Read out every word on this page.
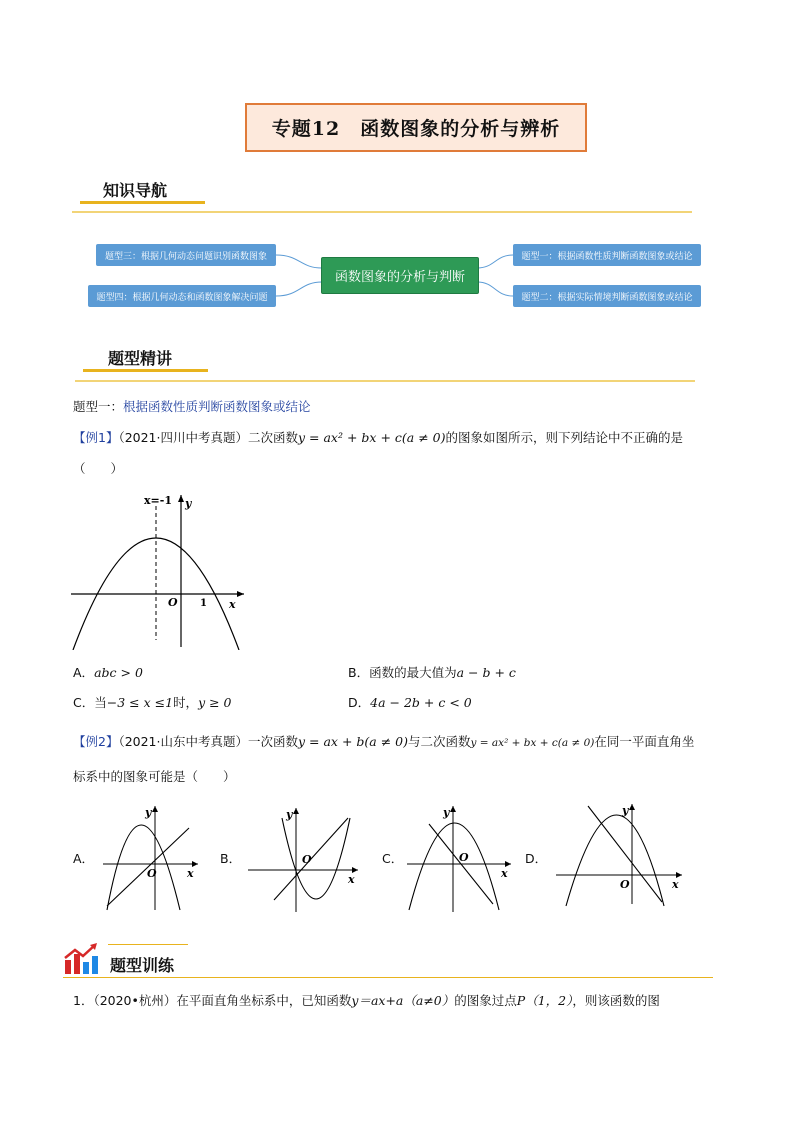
专题12　函数图象的分析与辨析
知识导航
题型三：根据几何动态问题识别函数图象
题型四：根据几何动态和函数图象解决问题
函数图象的分析与判断
题型一：根据函数性质判断函数图象或结论
题型二：根据实际情境判断函数图象或结论
题型精讲
题型一：根据函数性质判断函数图象或结论
【例1】（2021·四川中考真题）二次函数y = ax² + bx + c(a ≠ 0)的图象如图所示，则下列结论中不正确的是
（　　）
x=-1 y
x
O 1
A．abc > 0	B．函数的最大值为a − b + c
C．当−3 ≤ x ≤1时，y ≥ 0	D．4a − 2b + c < 0
【例2】（2021·山东中考真题）一次函数y = ax + b(a ≠ 0)与二次函数y = ax² + bx + c(a ≠ 0)在同一平面直角坐
标系中的图象可能是（　　）
A．	B．	C．	D．
y
x
O
y
x
O
y
x
O
y
x
O
题型训练
1．（2020•杭州）在平面直角坐标系中，已知函数y＝ax+a（a≠0）的图象过点P（1，2），则该函数的图
